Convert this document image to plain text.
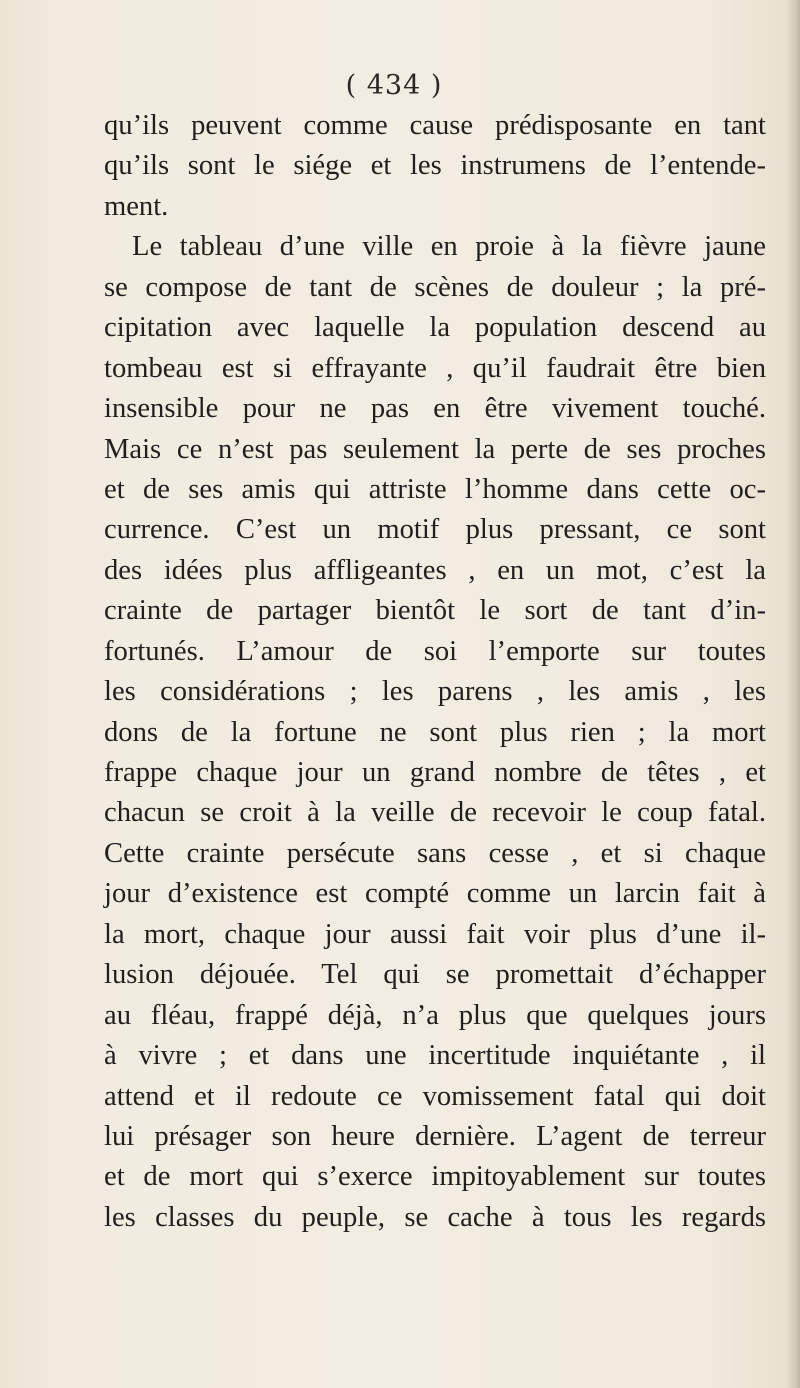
( 434 )
qu’ils peuvent comme cause prédisposante en tant
qu’ils sont le siége et les instrumens de l’entende-
ment.
Le tableau d’une ville en proie à la fièvre jaune
se compose de tant de scènes de douleur ; la pré-
cipitation avec laquelle la population descend au
tombeau est si effrayante , qu’il faudrait être bien
insensible pour ne pas en être vivement touché.
Mais ce n’est pas seulement la perte de ses proches
et de ses amis qui attriste l’homme dans cette oc-
currence. C’est un motif plus pressant, ce sont
des idées plus affligeantes , en un mot, c’est la
crainte de partager bientôt le sort de tant d’in-
fortunés. L’amour de soi l’emporte sur toutes
les considérations ; les parens , les amis , les
dons de la fortune ne sont plus rien ; la mort
frappe chaque jour un grand nombre de têtes , et
chacun se croit à la veille de recevoir le coup fatal.
Cette crainte persécute sans cesse , et si chaque
jour d’existence est compté comme un larcin fait à
la mort, chaque jour aussi fait voir plus d’une il-
lusion déjouée. Tel qui se promettait d’échapper
au fléau, frappé déjà, n’a plus que quelques jours
à vivre ; et dans une incertitude inquiétante , il
attend et il redoute ce vomissement fatal qui doit
lui présager son heure dernière. L’agent de terreur
et de mort qui s’exerce impitoyablement sur toutes
les classes du peuple, se cache à tous les regards
